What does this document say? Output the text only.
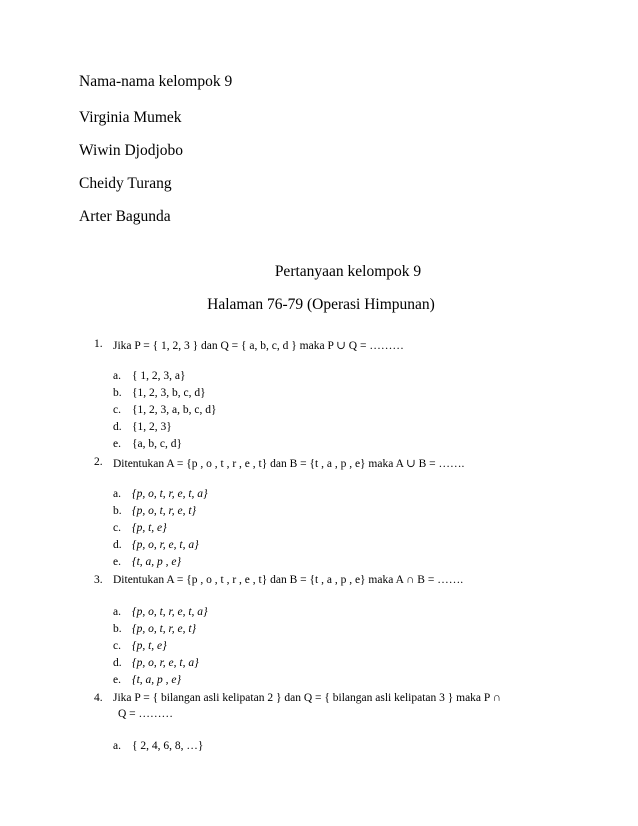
Nama-nama kelompok 9
Virginia Mumek
Wiwin Djodjobo
Cheidy Turang
Arter Bagunda
Pertanyaan kelompok 9
Halaman 76-79 (Operasi Himpunan)
1. Jika P = { 1, 2, 3 } dan Q = { a, b, c, d } maka P ∪ Q = ………
a. { 1, 2, 3, a}
b. {1, 2, 3, b, c, d}
c. {1, 2, 3, a, b, c, d}
d. {1, 2, 3}
e. {a, b, c, d}
2. Ditentukan A = {p , o , t , r , e , t} dan B = {t , a , p , e} maka A ∪ B = …….
a. {p, o, t, r, e, t, a}
b. {p, o, t, r, e, t}
c. {p, t, e}
d. {p, o, r, e, t, a}
e. {t, a, p , e}
3. Ditentukan A = {p , o , t , r , e , t} dan B = {t , a , p , e} maka A ∩ B = …….
a. {p, o, t, r, e, t, a}
b. {p, o, t, r, e, t}
c. {p, t, e}
d. {p, o, r, e, t, a}
e. {t, a, p , e}
4. Jika P = { bilangan asli kelipatan 2 } dan Q = { bilangan asli kelipatan 3 } maka P ∩
Q = ………
a. { 2, 4, 6, 8, …}
